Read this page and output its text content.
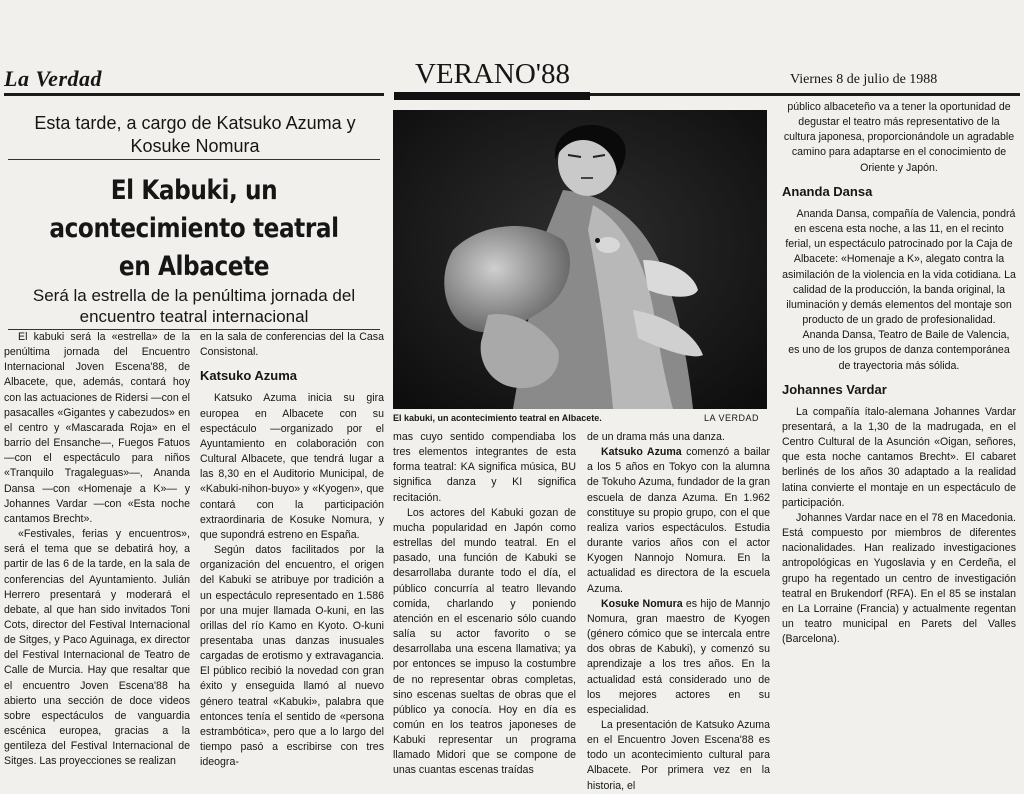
La Verdad	VERANO'88	Viernes 8 de julio de 1988
Esta tarde, a cargo de Katsuko Azuma y Kosuke Nomura
El Kabuki, un acontecimiento teatral en Albacete
Será la estrella de la penúltima jornada del encuentro teatral internacional

El kabuki será la «estrella» de la penúltima jornada del Encuentro Internacional Joven Escena'88, de Albacete, que, además, contará hoy con las actuaciones de Ridersi —con el pasacalles «Gigantes y cabezudos» en el centro y «Mascarada Roja» en el barrio del Ensanche—, Fuegos Fatuos —con el espectáculo para niños «Tranquilo Tragaleguas»—, Ananda Dansa —con «Homenaje a K»— y Johannes Vardar —con «Esta noche cantamos Brecht».

«Festivales, ferias y encuentros», será el tema que se debatirá hoy, a partir de las 6 de la tarde, en la sala de conferencias del Ayuntamiento. Julián Herrero presentará y moderará el debate, al que han sido invitados Toni Cots, director del Festival Internacional de Sitges, y Paco Aguinaga, ex director del Festival Internacional de Teatro de Calle de Murcia. Hay que resaltar que el encuentro Joven Escena'88 ha abierto una sección de doce videos sobre espectáculos de vanguardia escénica europea, gracias a la gentileza del Festival Internacional de Sitges. Las proyecciones se realizan

en la sala de conferencias del la Casa Consistonal.

Katsuko Azuma

Katsuko Azuma inicia su gira europea en Albacete con su espectáculo —organizado por el Ayuntamiento en colaboración con Cultural Albacete, que tendrá lugar a las 8,30 en el Auditorio Municipal, de «Kabuki-nihon-buyo» y «Kyogen», que contará con la participación extraordinaria de Kosuke Nomura, y que supondrá estreno en España.

Según datos facilitados por la organización del encuentro, el origen del Kabuki se atribuye por tradición a un espectáculo representado en 1.586 por una mujer llamada O-kuni, en las orillas del río Kamo en Kyoto. O-kuni presentaba unas danzas inusuales cargadas de erotismo y extravagancia. El público recibió la novedad con gran éxito y enseguida llamó al nuevo género teatral «Kabuki», palabra que entonces tenía el sentido de «persona estrambótica», pero que a lo largo del tiempo pasó a escribirse con tres ideogra-

El kabuki, un acontecimiento teatral en Albacete.	LA VERDAD

mas cuyo sentido compendiaba los tres elementos integrantes de esta forma teatral: KA significa música, BU significa danza y KI significa recitación.

Los actores del Kabuki gozan de mucha popularidad en Japón como estrellas del mundo teatral. En el pasado, una función de Kabuki se desarrollaba durante todo el día, el público concurría al teatro llevando comida, charlando y poniendo atención en el escenario sólo cuando salía su actor favorito o se desarrollaba una escena llamativa; ya por entonces se impuso la costumbre de no representar obras completas, sino escenas sueltas de obras que el público ya conocía. Hoy en día es común en los teatros japoneses de Kabuki representar un programa llamado Midori que se compone de unas cuantas escenas traídas

de un drama más una danza.

Katsuko Azuma comenzó a bailar a los 5 años en Tokyo con la alumna de Tokuho Azuma, fundador de la gran escuela de danza Azuma. En 1.962 constituye su propio grupo, con el que realiza varios espectáculos. Estudia durante varios años con el actor Kyogen Nannojo Nomura. En la actualidad es directora de la escuela Azuma.

Kosuke Nomura es hijo de Mannjo Nomura, gran maestro de Kyogen (género cómico que se intercala entre dos obras de Kabuki), y comenzó su aprendizaje a los tres años. En la actualidad está considerado uno de los mejores actores en su especialidad.

La presentación de Katsuko Azuma en el Encuentro Joven Escena'88 es todo un acontecimiento cultural para Albacete. Por primera vez en la historia, el

público albaceteño va a tener la oportunidad de degustar el teatro más representativo de la cultura japonesa, proporcionándole un agradable camino para adaptarse en el conocimiento de Oriente y Japón.

Ananda Dansa

Ananda Dansa, compañía de Valencia, pondrá en escena esta noche, a las 11, en el recinto ferial, un espectáculo patrocinado por la Caja de Albacete: «Homenaje a K», alegato contra la asimilación de la violencia en la vida cotidiana. La calidad de la producción, la banda original, la iluminación y demás elementos del montaje son producto de un grado de profesionalidad.

Ananda Dansa, Teatro de Baile de Valencia, es uno de los grupos de danza contemporánea de trayectoria más sólida.

Johannes Vardar

La compañía ítalo-alemana Johannes Vardar presentará, a la 1,30 de la madrugada, en el Centro Cultural de la Asunción «Oigan, señores, que esta noche cantamos Brecht». El cabaret berlinés de los años 30 adaptado a la realidad latina convierte el montaje en un espectáculo de participación.

Johannes Vardar nace en el 78 en Macedonia. Está compuesto por miembros de diferentes nacionalidades. Han realizado investigaciones antropológicas en Yugoslavia y en Cerdeña, el grupo ha regentado un centro de investigación teatral en Brukendorf (RFA). En el 85 se instalan en La Lorraine (Francia) y actualmente regentan un teatro municipal en Parets del Valles (Barcelona).
